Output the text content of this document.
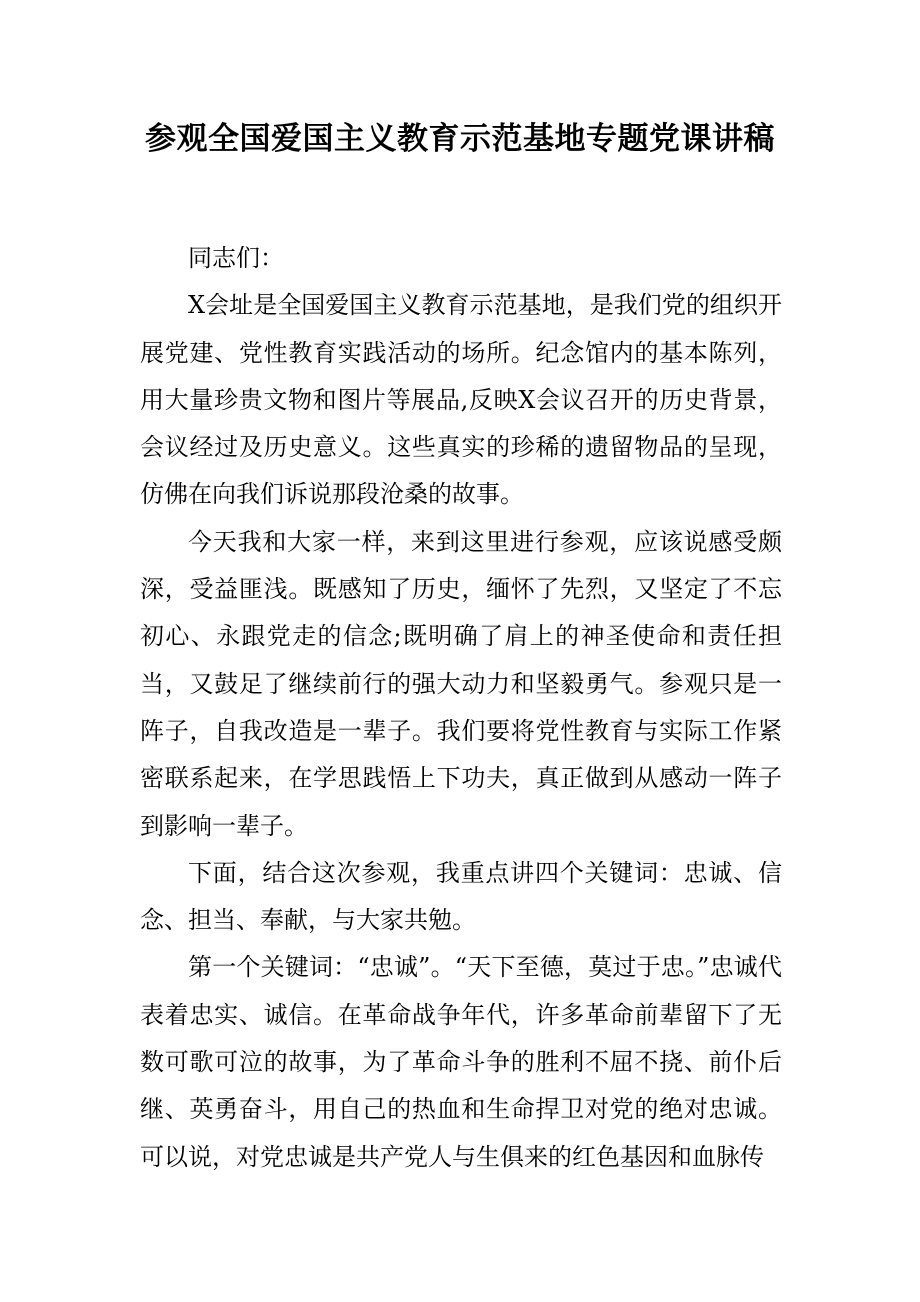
参观全国爱国主义教育示范基地专题党课讲稿

同志们：

X会址是全国爱国主义教育示范基地，是我们党的组织开展党建、党性教育实践活动的场所。纪念馆内的基本陈列，用大量珍贵文物和图片等展品,反映X会议召开的历史背景，会议经过及历史意义。这些真实的珍稀的遗留物品的呈现，仿佛在向我们诉说那段沧桑的故事。

今天我和大家一样，来到这里进行参观，应该说感受颇深，受益匪浅。既感知了历史，缅怀了先烈，又坚定了不忘初心、永跟党走的信念;既明确了肩上的神圣使命和责任担当，又鼓足了继续前行的强大动力和坚毅勇气。参观只是一阵子，自我改造是一辈子。我们要将党性教育与实际工作紧密联系起来，在学思践悟上下功夫，真正做到从感动一阵子到影响一辈子。

下面，结合这次参观，我重点讲四个关键词：忠诚、信念、担当、奉献，与大家共勉。

第一个关键词：“忠诚”。“天下至德，莫过于忠。”忠诚代表着忠实、诚信。在革命战争年代，许多革命前辈留下了无数可歌可泣的故事，为了革命斗争的胜利不屈不挠、前仆后继、英勇奋斗，用自己的热血和生命捍卫对党的绝对忠诚。可以说，对党忠诚是共产党人与生俱来的红色基因和血脉传
